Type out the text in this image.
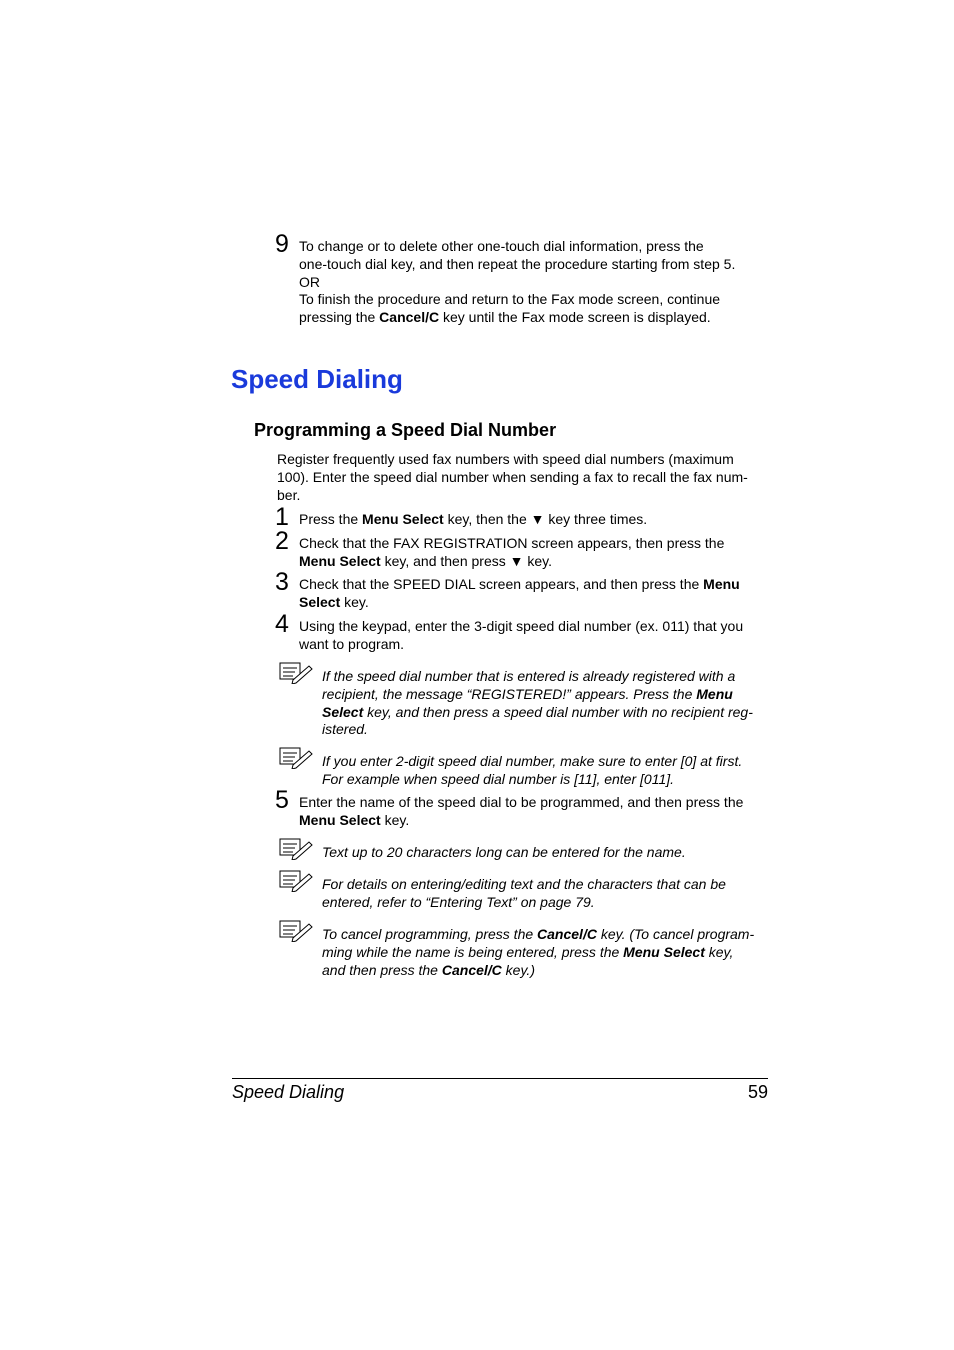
9 To change or to delete other one-touch dial information, press the
one-touch dial key, and then repeat the procedure starting from step 5.
OR
To finish the procedure and return to the Fax mode screen, continue
pressing the Cancel/C key until the Fax mode screen is displayed.
Speed Dialing
Programming a Speed Dial Number
Register frequently used fax numbers with speed dial numbers (maximum
100). Enter the speed dial number when sending a fax to recall the fax num-
ber.
1 Press the Menu Select key, then the ▼ key three times.
2 Check that the FAX REGISTRATION screen appears, then press the
Menu Select key, and then press ▼ key.
3 Check that the SPEED DIAL screen appears, and then press the Menu
Select key.
4 Using the keypad, enter the 3-digit speed dial number (ex. 011) that you
want to program.
If the speed dial number that is entered is already registered with a
recipient, the message “REGISTERED!” appears. Press the Menu
Select key, and then press a speed dial number with no recipient reg-
istered.
If you enter 2-digit speed dial number, make sure to enter [0] at first.
For example when speed dial number is [11], enter [011].
5 Enter the name of the speed dial to be programmed, and then press the
Menu Select key.
Text up to 20 characters long can be entered for the name.
For details on entering/editing text and the characters that can be
entered, refer to “Entering Text” on page 79.
To cancel programming, press the Cancel/C key. (To cancel program-
ming while the name is being entered, press the Menu Select key,
and then press the Cancel/C key.)
Speed Dialing	59
